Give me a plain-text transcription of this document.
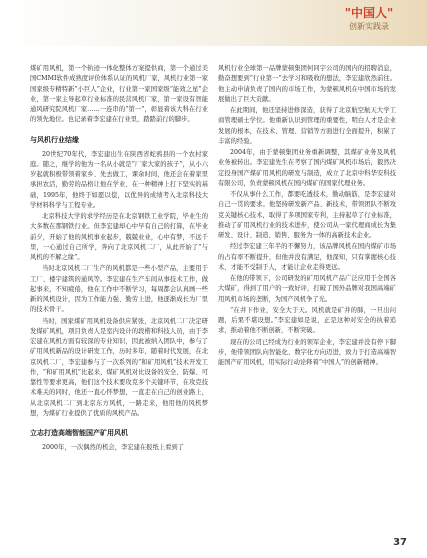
"中国人"
创新实践录

煤矿用风机，第一个轨迹一体化整体方案提供商，第一个通过美国CMMI软件成熟度评价体系认证的风机厂家，风机行业第一家国家级专精特新“小巨人”企业，行业第一家国家级“能效之星”企业，第一家主导起草行业标准的民营风机厂家，第一家设有智能通风研究院风机厂家……一连串的“第一”，彰显着该大科在行业的领先地位。也记录着李宏建在行业里，踏踏前行的脚步。

与风机行业结缘

20世纪70年代，李宏建出生在陕西省蛇鸦县的一个农村家庭。随之，继学的他为一名从小就是“厂家大家的孩子”，从小六岁起就积极带领着家乡、先去做工，课余时间，他还会在着家里承担农活，勤劳的品格让他在学业、在一种精神上打下坚实的基础，1995年，他终于如愿以偿，以优异的成绩考入北京科技大学材料科学与工程专业。

北京科技大学的求学经历是在北京钢铁工业学院，毕业生的大多数在那钢铁行业。但李宏建却心中早有自己的打算，在毕业前夕，开始了他的风机事业起步，兢兢业业，心中有梦，不远千里，一心通过自己所学，奔向了北京风机二厂，从此开始了“与风机的不解之缘”。

当时北京风机二厂生产的风机都是一些小型产品，主要用于工厂、楼宇建筑的通风等。李宏建在生产车间从事技术工作，做起事来，不知疲倦，他在工作中不断学习，每周都会认真画一些新的风机设计，因为工作能力强、勤劳上进，他逐渐成长为厂里的技术骨干。

当时，国家煤矿用风机设备供应紧张，北京风机二厂决定研发煤矿风机，项目负责人是室内设计的段楷和科技人员，由于李宏建在风机方面有较深的专业知识，因此被纳入团队中，参与了矿用风机新品的设计研发工作，历时多年，随着时代发展，在北京风机二厂，李宏建参与了一次系列的“和矿用风机”技术开发工作，“和矿用风机”比起来，煤矿风机对比设备的安全、防爆、可靠性等要求更高，他们这个技术要攻克多个关键环节，在攻克技术难关的同时，他还一直心怀梦想，一直走在自己的创业路上，从北京风机二厂到北京东方风机，一路走来，他用他的风机梦想，为煤矿行业提供了优质的风机产品。

立志打造高端智能国产矿用风机

2000年，一次偶然的机会，李宏建在报纸上看到了

风机行业全球第一品牌蒙顿集团何同宇公司的国内的招聘消息，勤奋想要到“行业第一”去学习和吸收的想法，李宏建欣然前往。他主动申请负责了国内的市场工作，为蒙顿风机在中国市场的发展做出了巨大贡献。

在此期间，他还坚持进修深造，获得了北京航空航天大学工商管理硕士学位。他重新认识到管理的重要性，明白人才是企业发展的根本，在技术、管理、营销等方面进行全面提升，积累了丰富的经验。

2004年，由于蒙顿集团业务重新调整，其煤矿业务及风机业务被转出。李宏建先生在考察了国内煤矿风机市场后，毅然决定投身国产煤矿用风机的研发与制造，成立了北京中科华安科技有限公司，负责蒙顿风机在国内煤矿的国家代理业务。

不仅从事什么工作，都要吃透技术，勤动脑筋，是李宏建对自己一贯的要求。他坚持研发新产品、新技术，带领团队不断攻克关键核心技术，取得了多项国家专利，主持起草了行业标准，推动了矿用风机行业的技术进步，使公司从一家代理商成长为集研发、设计、制造、销售、服务为一体的高新技术企业。

经过李宏建三年半的不懈努力，该品牌风机在国内煤矿市场的占有率不断提升，但他并没有满足，他深知，只有掌握核心技术，才能不受制于人，才能让企业走得更远。

在他的带领下，公司研发的矿用风机产品广泛应用于全国各大煤矿，得到了用户的一致好评，打破了国外品牌对我国高端矿用风机市场的垄断，为国产风机争了光。

“在井下作业，安全大于天。风机就是矿井的肺，一旦出问题，后果不堪设想。”李宏建如是说，正是这种对安全的执着追求，推动着他不断创新，不断突破。

现在的公司已经成为行业的领军企业，李宏建并没有停下脚步，他带领团队向智能化、数字化方向迈进，致力于打造高端智能国产矿用风机，用实际行动诠释着“中国人”的创新精神。

37
